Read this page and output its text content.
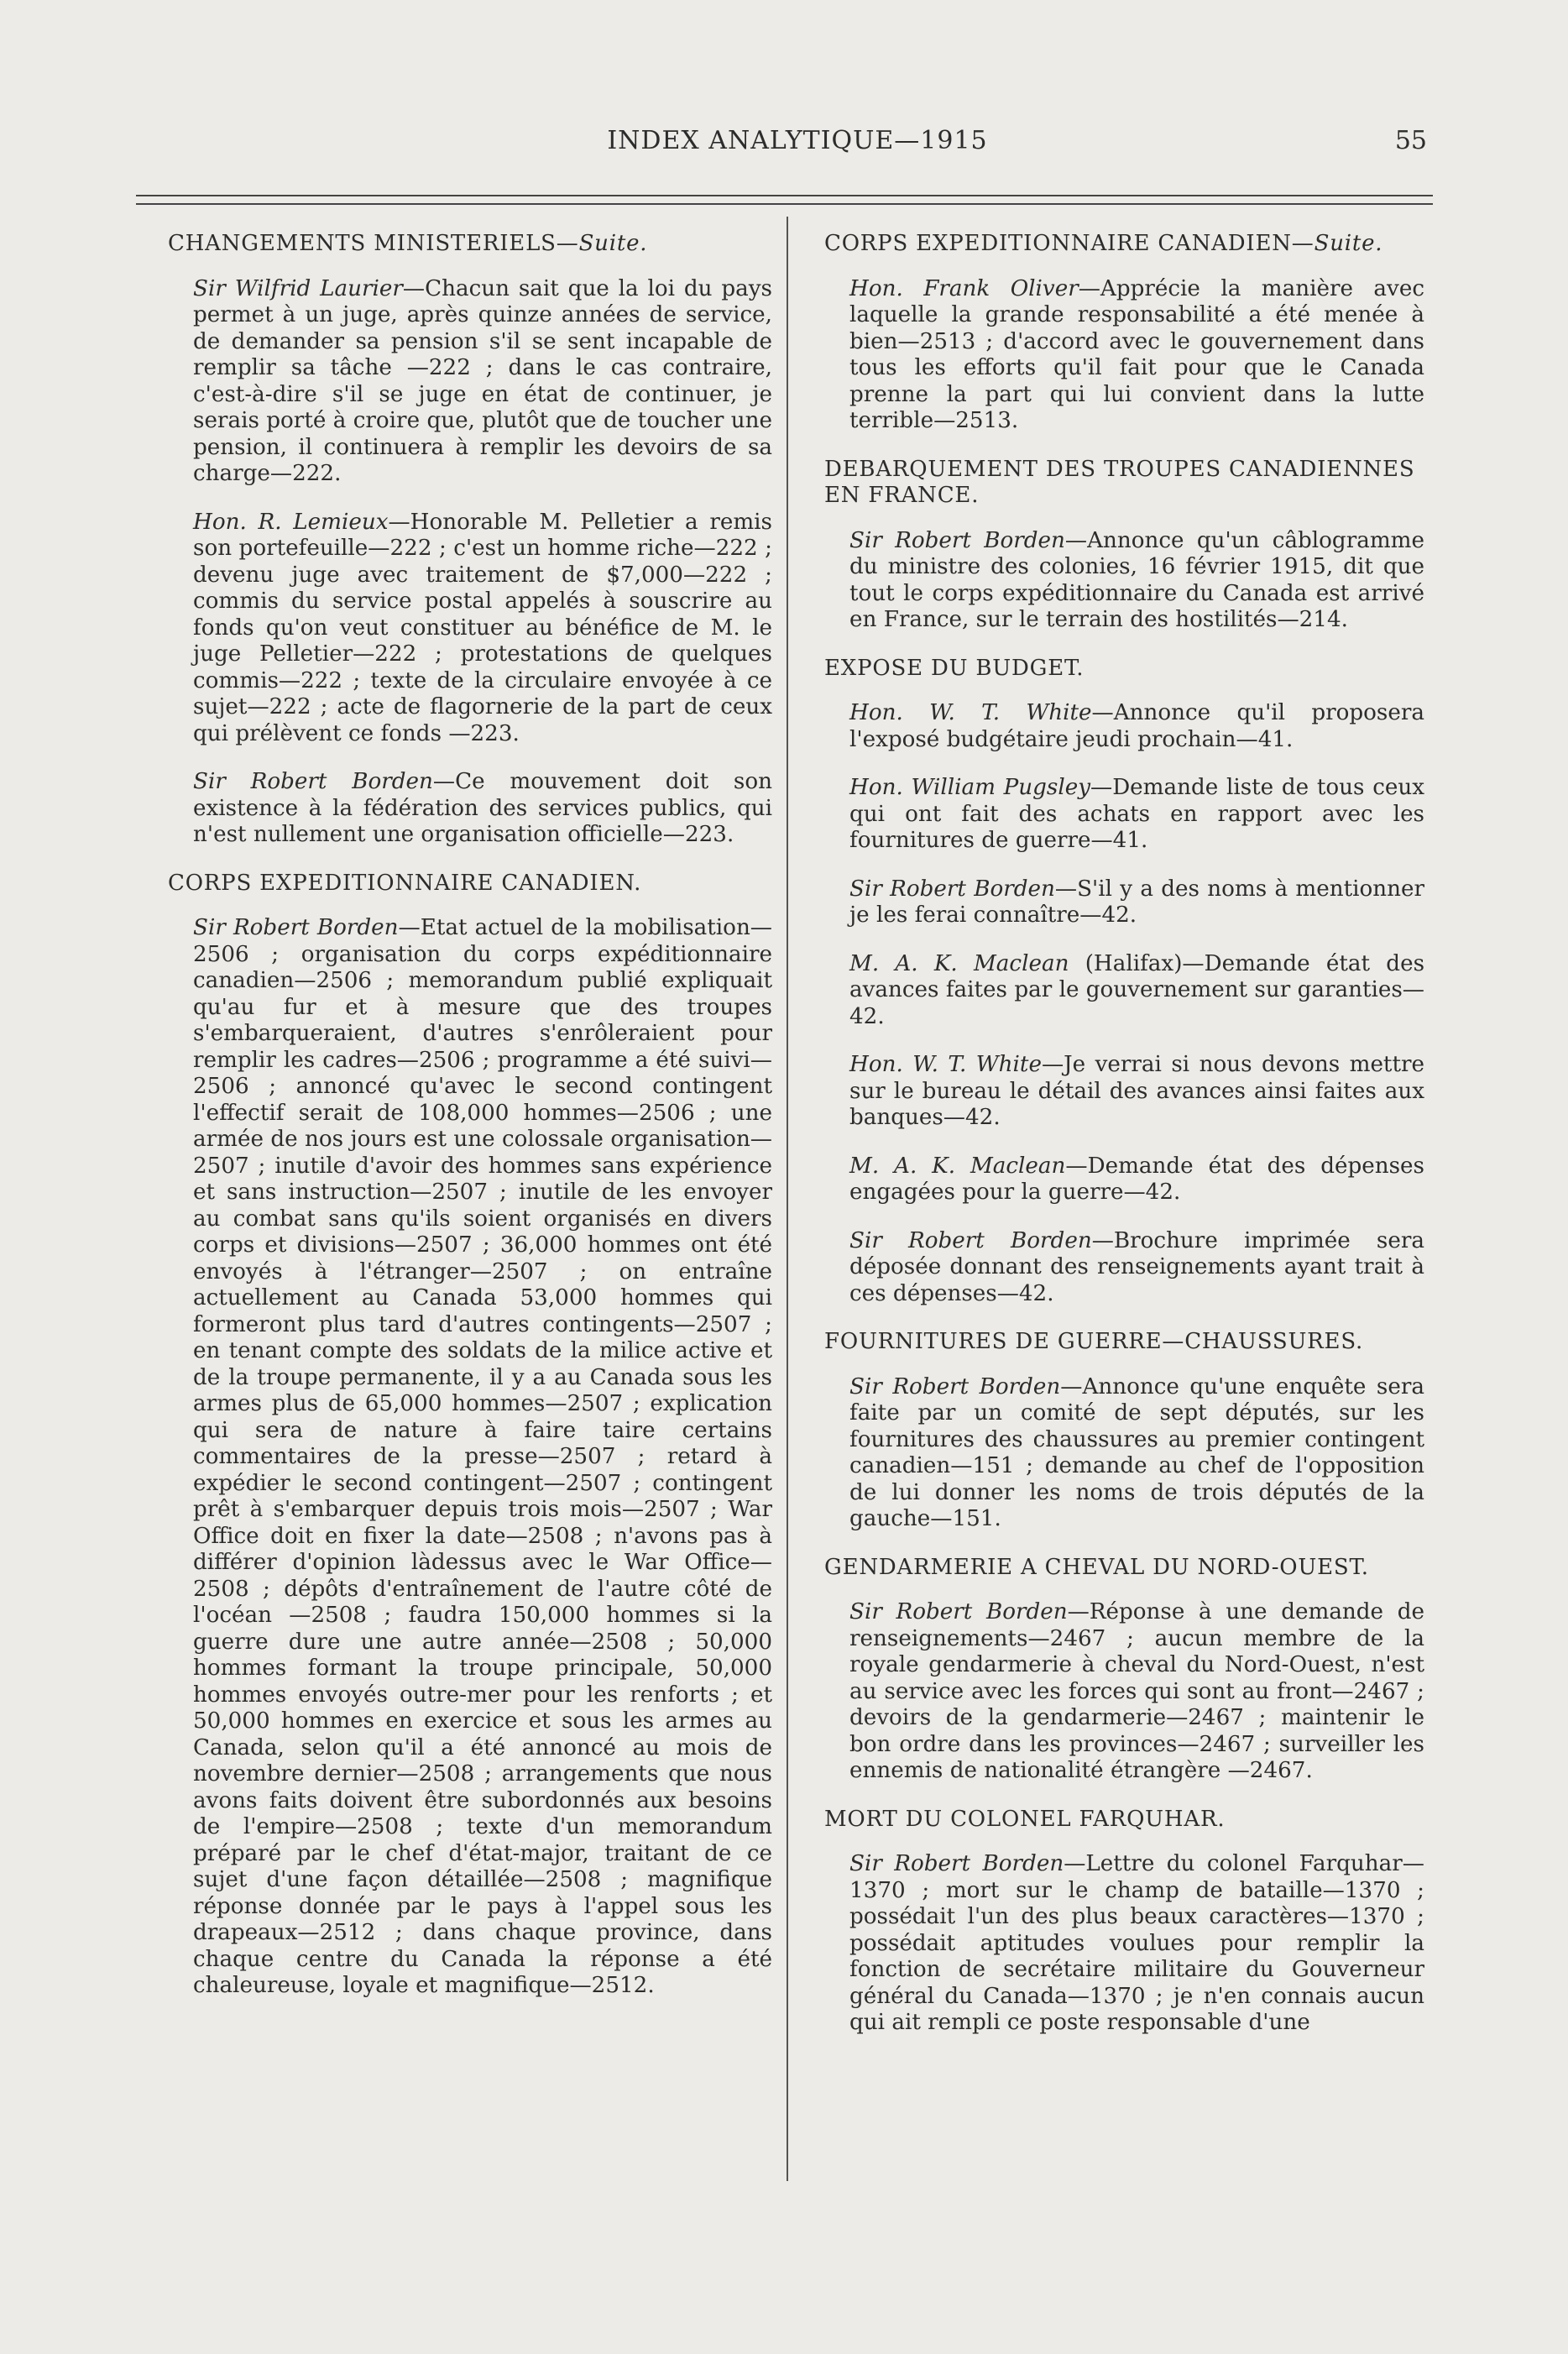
INDEX ANALYTIQUE—1915	55
CHANGEMENTS MINISTERIELS—Suite.

Sir Wilfrid Laurier—Chacun sait que la loi du pays permet à un juge, après quinze années de service, de demander sa pension s'il se sent incapable de remplir sa tâche —222 ; dans le cas contraire, c'est-à-dire s'il se juge en état de continuer, je serais porté à croire que, plutôt que de toucher une pension, il continuera à remplir les devoirs de sa charge—222.

Hon. R. Lemieux—Honorable M. Pelletier a remis son portefeuille—222 ; c'est un homme riche—222 ; devenu juge avec traitement de $7,000—222 ; commis du service postal appelés à souscrire au fonds qu'on veut constituer au bénéfice de M. le juge Pelletier—222 ; protestations de quelques commis—222 ; texte de la circulaire envoyée à ce sujet—222 ; acte de flagornerie de la part de ceux qui prélèvent ce fonds —223.

Sir Robert Borden—Ce mouvement doit son existence à la fédération des services publics, qui n'est nullement une organisation officielle—223.

CORPS EXPEDITIONNAIRE CANADIEN.

Sir Robert Borden—Etat actuel de la mobilisation—2506 ; organisation du corps expéditionnaire canadien—2506 ; memorandum publié expliquait qu'au fur et à mesure que des troupes s'embarqueraient, d'autres s'enrôleraient pour remplir les cadres—2506 ; programme a été suivi—2506 ; annoncé qu'avec le second contingent l'effectif serait de 108,000 hommes—2506 ; une armée de nos jours est une colossale organisation—2507 ; inutile d'avoir des hommes sans expérience et sans instruction—2507 ; inutile de les envoyer au combat sans qu'ils soient organisés en divers corps et divisions—2507 ; 36,000 hommes ont été envoyés à l'étranger—2507 ; on entraîne actuellement au Canada 53,000 hommes qui formeront plus tard d'autres contingents—2507 ; en tenant compte des soldats de la milice active et de la troupe permanente, il y a au Canada sous les armes plus de 65,000 hommes—2507 ; explication qui sera de nature à faire taire certains commentaires de la presse—2507 ; retard à expédier le second contingent—2507 ; contingent prêt à s'embarquer depuis trois mois—2507 ; War Office doit en fixer la date—2508 ; n'avons pas à différer d'opinion làdessus avec le War Office—2508 ; dépôts d'entraînement de l'autre côté de l'océan —2508 ; faudra 150,000 hommes si la guerre dure une autre année—2508 ; 50,000 hommes formant la troupe principale, 50,000 hommes envoyés outre-mer pour les renforts ; et 50,000 hommes en exercice et sous les armes au Canada, selon qu'il a été annoncé au mois de novembre dernier—2508 ; arrangements que nous avons faits doivent être subordonnés aux besoins de l'empire—2508 ; texte d'un memorandum préparé par le chef d'état-major, traitant de ce sujet d'une façon détaillée—2508 ; magnifique réponse donnée par le pays à l'appel sous les drapeaux—2512 ; dans chaque province, dans chaque centre du Canada la réponse a été chaleureuse, loyale et magnifique—2512.

CORPS EXPEDITIONNAIRE CANADIEN—Suite.

Hon. Frank Oliver—Apprécie la manière avec laquelle la grande responsabilité a été menée à bien—2513 ; d'accord avec le gouvernement dans tous les efforts qu'il fait pour que le Canada prenne la part qui lui convient dans la lutte terrible—2513.

DEBARQUEMENT DES TROUPES CANADIENNES EN FRANCE.

Sir Robert Borden—Annonce qu'un câblogramme du ministre des colonies, 16 février 1915, dit que tout le corps expéditionnaire du Canada est arrivé en France, sur le terrain des hostilités—214.

EXPOSE DU BUDGET.

Hon. W. T. White—Annonce qu'il proposera l'exposé budgétaire jeudi prochain—41.

Hon. William Pugsley—Demande liste de tous ceux qui ont fait des achats en rapport avec les fournitures de guerre—41.

Sir Robert Borden—S'il y a des noms à mentionner je les ferai connaître—42.

M. A. K. Maclean (Halifax)—Demande état des avances faites par le gouvernement sur garanties—42.

Hon. W. T. White—Je verrai si nous devons mettre sur le bureau le détail des avances ainsi faites aux banques—42.

M. A. K. Maclean—Demande état des dépenses engagées pour la guerre—42.

Sir Robert Borden—Brochure imprimée sera déposée donnant des renseignements ayant trait à ces dépenses—42.

FOURNITURES DE GUERRE—CHAUSSURES.

Sir Robert Borden—Annonce qu'une enquête sera faite par un comité de sept députés, sur les fournitures des chaussures au premier contingent canadien—151 ; demande au chef de l'opposition de lui donner les noms de trois députés de la gauche—151.

GENDARMERIE A CHEVAL DU NORD-OUEST.

Sir Robert Borden—Réponse à une demande de renseignements—2467 ; aucun membre de la royale gendarmerie à cheval du Nord-Ouest, n'est au service avec les forces qui sont au front—2467 ; devoirs de la gendarmerie—2467 ; maintenir le bon ordre dans les provinces—2467 ; surveiller les ennemis de nationalité étrangère —2467.

MORT DU COLONEL FARQUHAR.

Sir Robert Borden—Lettre du colonel Farquhar—1370 ; mort sur le champ de bataille—1370 ; possédait l'un des plus beaux caractères—1370 ; possédait aptitudes voulues pour remplir la fonction de secrétaire militaire du Gouverneur général du Canada—1370 ; je n'en connais aucun qui ait rempli ce poste responsable d'une
